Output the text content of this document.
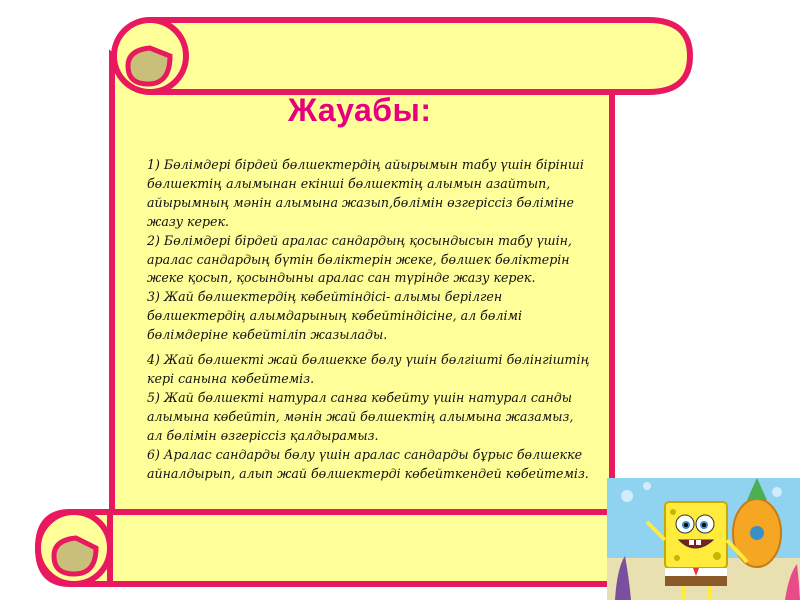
Жауабы:

1) Бөлімдері бірдей бөлшектердің айырымын табу үшін бірінші бөлшектің алымынан екінші бөлшектің алымын азайтып, айырымның мәнін алымына жазып,бөлімін өзгеріссіз бөліміне жазу керек.

2) Бөлімдері бірдей аралас сандардың қосындысын табу үшін, аралас сандардың бүтін бөліктерін жеке, бөлшек бөліктерін жеке қосып, қосындыны аралас сан түрінде жазу керек.

3) Жай бөлшектердің көбейтіндісі- алымы берілген бөлшектердің алымдарының көбейтіндісіне, ал бөлімі бөлімдеріне көбейтіліп жазылады.

4) Жай бөлшекті жай бөлшекке бөлу үшін бөлгішті бөлінгіштің кері санына көбейтеміз.

5) Жай бөлшекті натурал санға көбейту үшін натурал санды алымына көбейтіп, мәнін жай бөлшектің алымына жазамыз, ал бөлімін өзгеріссіз қалдырамыз.

6) Аралас сандарды бөлу үшін аралас сандарды бұрыс бөлшекке айналдырып, алып жай бөлшектерді көбейткендей көбейтеміз.
